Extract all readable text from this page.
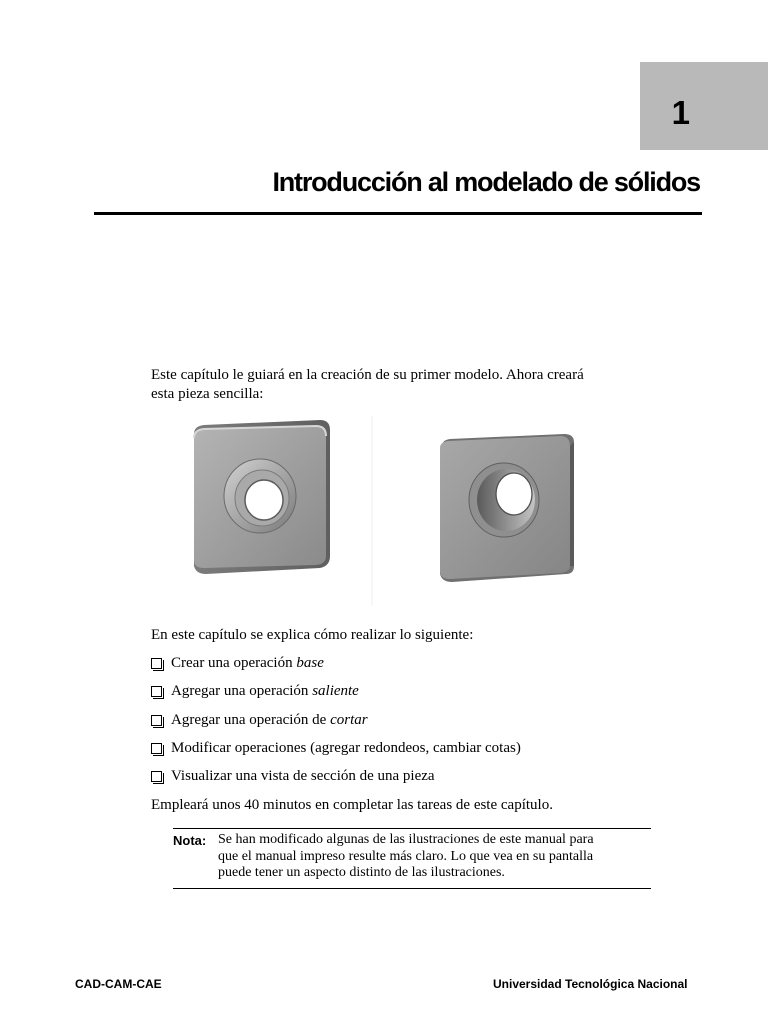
1
Introducción al modelado de sólidos
Este capítulo le guiará en la creación de su primer modelo. Ahora creará
esta pieza sencilla:

En este capítulo se explica cómo realizar lo siguiente:

Crear una operación base
Agregar una operación saliente
Agregar una operación de cortar
Modificar operaciones (agregar redondeos, cambiar cotas)
Visualizar una vista de sección de una pieza

Empleará unos 40 minutos en completar las tareas de este capítulo.

Nota: Se han modificado algunas de las ilustraciones de este manual para
que el manual impreso resulte más claro. Lo que vea en su pantalla
puede tener un aspecto distinto de las ilustraciones.
CAD-CAM-CAE	Universidad Tecnológica Nacional
